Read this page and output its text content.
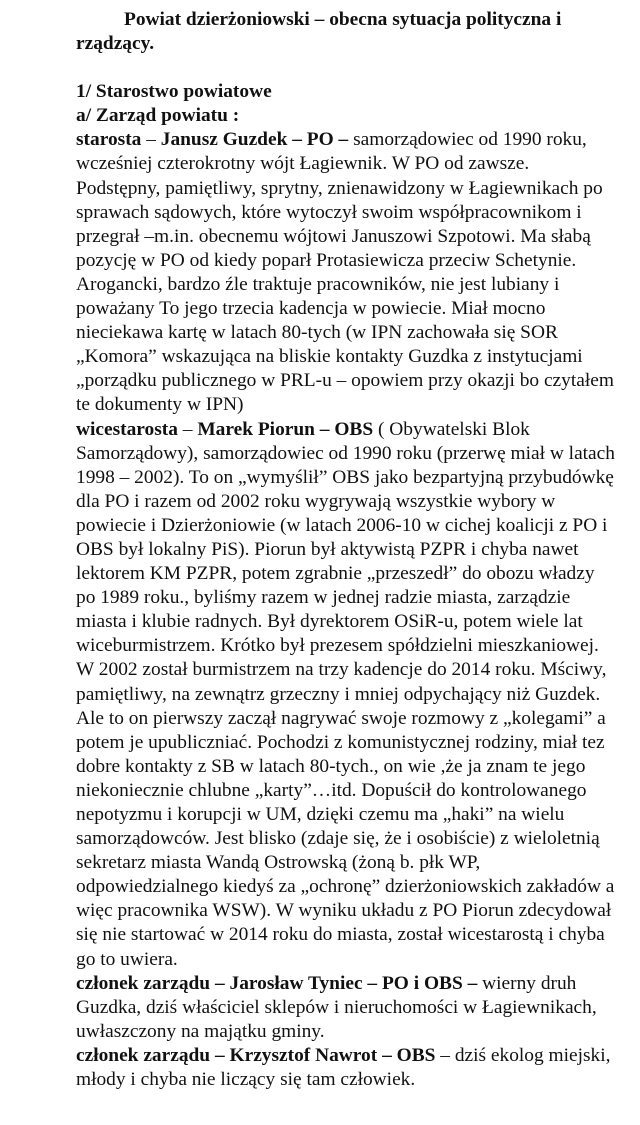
Powiat dzierżoniowski – obecna sytuacja polityczna i rządzący.

1/ Starostwo powiatowe

a/ Zarząd powiatu :

starosta – Janusz Guzdek – PO – samorządowiec od 1990 roku, wcześniej czterokrotny wójt Łagiewnik. W PO od zawsze. Podstępny, pamiętliwy, sprytny, znienawidzony w Łagiewnikach po sprawach sądowych, które wytoczył swoim współpracownikom i przegrał –m.in. obecnemu wójtowi Januszowi Szpotowi. Ma słabą pozycję w PO od kiedy poparł Protasiewicza przeciw Schetynie. Arogancki, bardzo źle traktuje pracowników, nie jest lubiany i poważany To jego trzecia kadencja w powiecie. Miał mocno nieciekawa kartę w latach 80-tych (w IPN zachowała się SOR „Komora” wskazująca na bliskie kontakty Guzdka z instytucjami „porządku publicznego w PRL-u – opowiem przy okazji bo czytałem te dokumenty w IPN)

wicestarosta – Marek Piorun – OBS ( Obywatelski Blok Samorządowy), samorządowiec od 1990 roku (przerwę miał w latach 1998 – 2002). To on „wymyślił” OBS jako bezpartyjną przybudówkę dla PO i razem od 2002 roku wygrywają wszystkie wybory w powiecie i Dzierżoniowie (w latach 2006-10 w cichej koalicji z PO i OBS był lokalny PiS). Piorun był aktywistą PZPR i chyba nawet lektorem KM PZPR, potem zgrabnie „przeszedł” do obozu władzy po 1989 roku., byliśmy razem w jednej radzie miasta, zarządzie miasta i klubie radnych. Był dyrektorem OSiR-u, potem wiele lat wiceburmistrzem. Krótko był prezesem spółdzielni mieszkaniowej. W 2002 został burmistrzem na trzy kadencje do 2014 roku. Mściwy, pamiętliwy, na zewnątrz grzeczny i mniej odpychający niż Guzdek. Ale to on pierwszy zaczął nagrywać swoje rozmowy z „kolegami” a potem je upubliczniać. Pochodzi z komunistycznej rodziny, miał tez dobre kontakty z SB w latach 80-tych., on wie ,że ja znam te jego niekoniecznie chlubne „karty”…itd. Dopuścił do kontrolowanego nepotyzmu i korupcji w UM, dzięki czemu ma „haki” na wielu samorządowców. Jest blisko (zdaje się, że i osobiście) z wieloletnią sekretarz miasta Wandą Ostrowską (żoną b. płk WP, odpowiedzialnego kiedyś za „ochronę” dzierżoniowskich zakładów a więc pracownika WSW). W wyniku układu z PO Piorun zdecydował się nie startować w 2014 roku do miasta, został wicestarostą i chyba go to uwiera.

członek zarządu – Jarosław Tyniec – PO i OBS – wierny druh Guzdka, dziś właściciel sklepów i nieruchomości w Łagiewnikach, uwłaszczony na majątku gminy.

członek zarządu – Krzysztof Nawrot – OBS – dziś ekolog miejski, młody i chyba nie liczący się tam człowiek.
